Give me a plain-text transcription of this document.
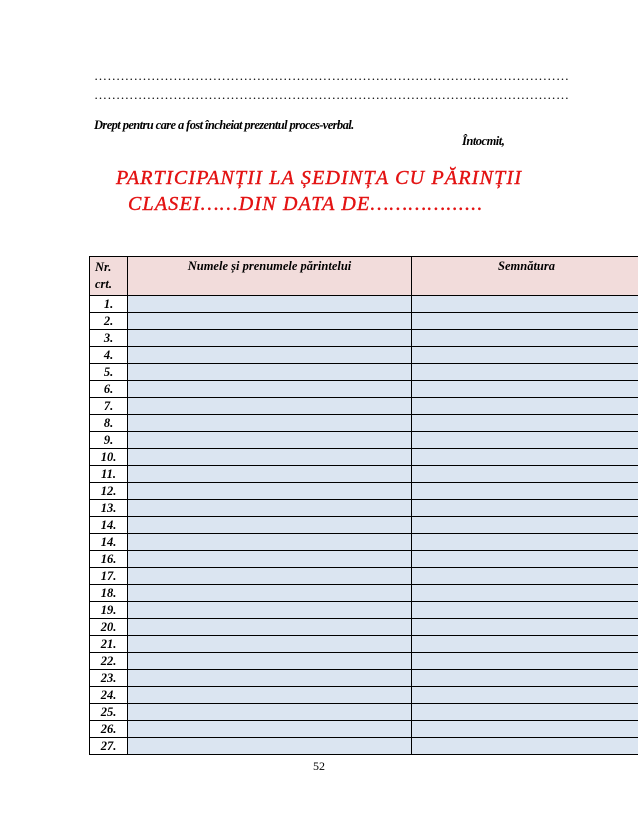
………………………………………………………………………………………………
………………………………………………………………………………………………
Drept pentru care a fost încheiat prezentul proces-verbal.
Întocmit,
PARTICIPANȚII LA ȘEDINȚA CU PĂRINȚII
CLASEI……DIN DATA DE…………......
Nr.
crt.	Numele și prenumele părintelui	Semnătura
1.		
2.		
3.		
4.		
5.		
6.		
7.		
8.		
9.		
10.		
11.		
12.		
13.		
14.		
14.		
16.		
17.		
18.		
19.		
20.		
21.		
22.		
23.		
24.		
25.		
26.		
27.		
52
